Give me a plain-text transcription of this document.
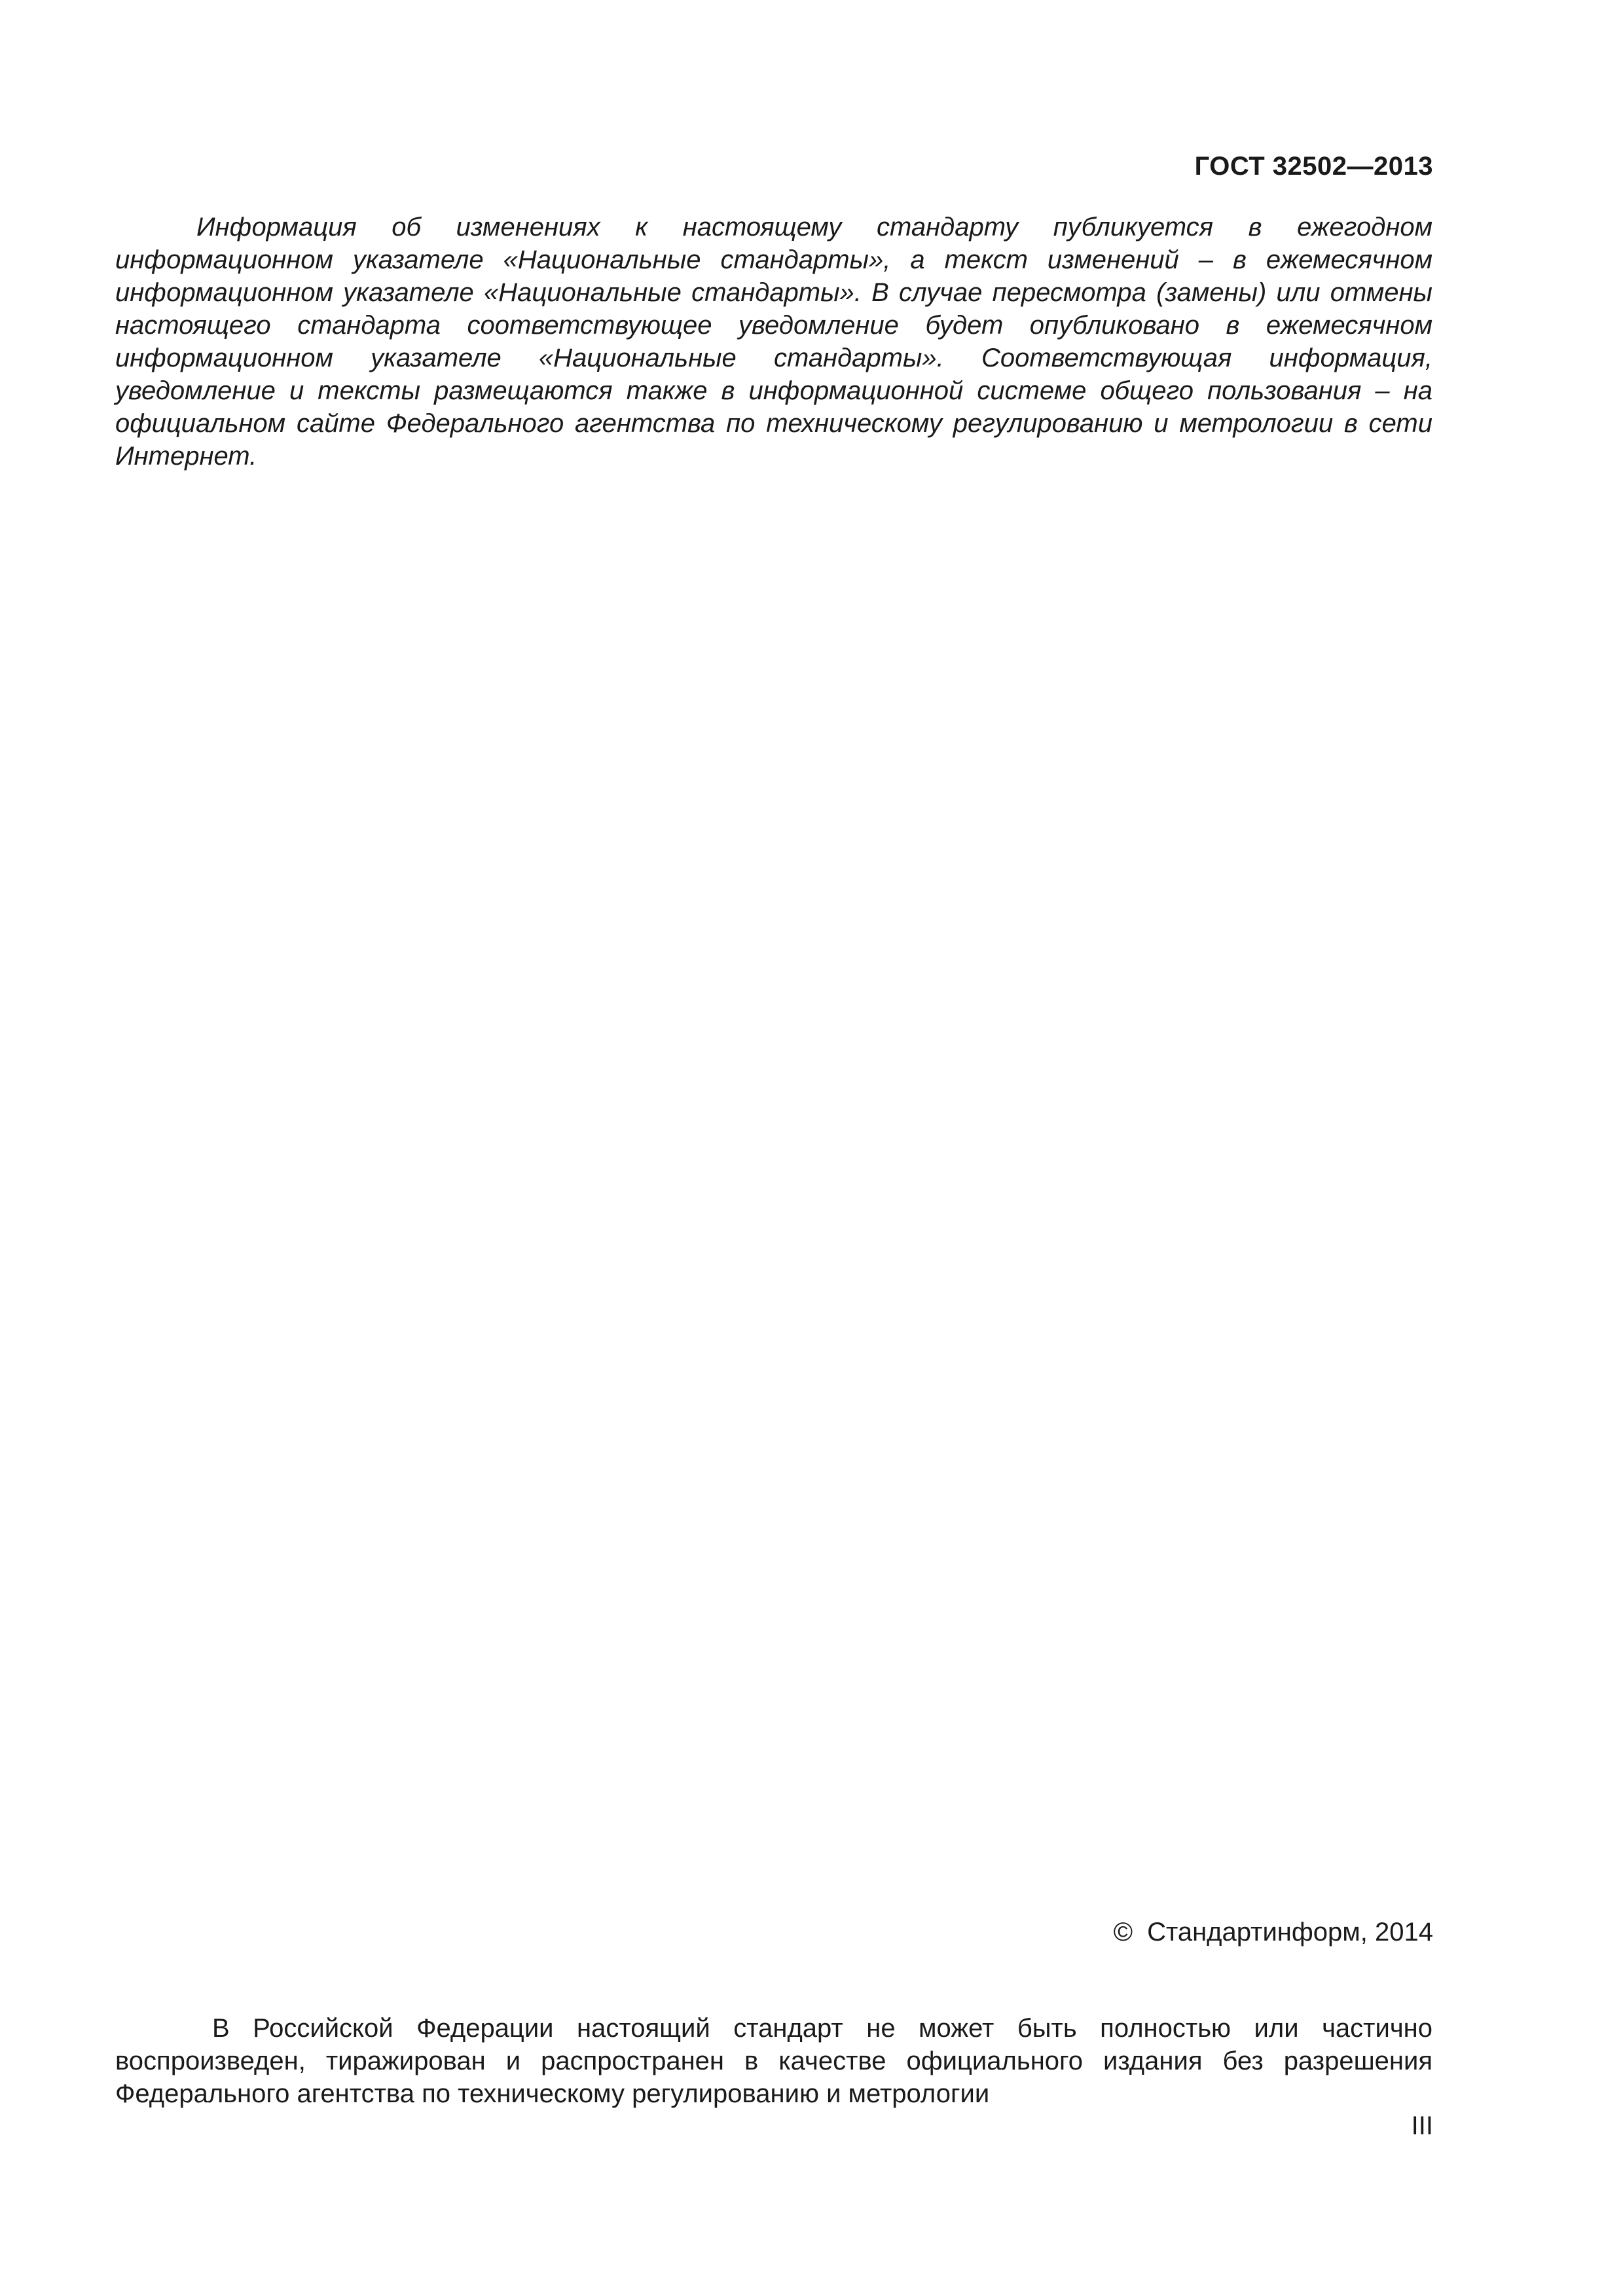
ГОСТ 32502—2013

Информация об изменениях к настоящему стандарту публикуется в ежегодном информационном указателе «Национальные стандарты», а текст изменений – в ежемесячном информационном указателе «Национальные стандарты». В случае пересмотра (замены) или отмены настоящего стандарта соответствующее уведомление будет опубликовано в ежемесячном информационном указателе «Национальные стандарты». Соответствующая информация, уведомление и тексты размещаются также в информационной системе общего пользования – на официальном сайте Федерального агентства по техническому регулированию и метрологии в сети Интернет.

© Стандартинформ, 2014

В Российской Федерации настоящий стандарт не может быть полностью или частично воспроизведен, тиражирован и распространен в качестве официального издания без разрешения Федерального агентства по техническому регулированию и метрологии

III
